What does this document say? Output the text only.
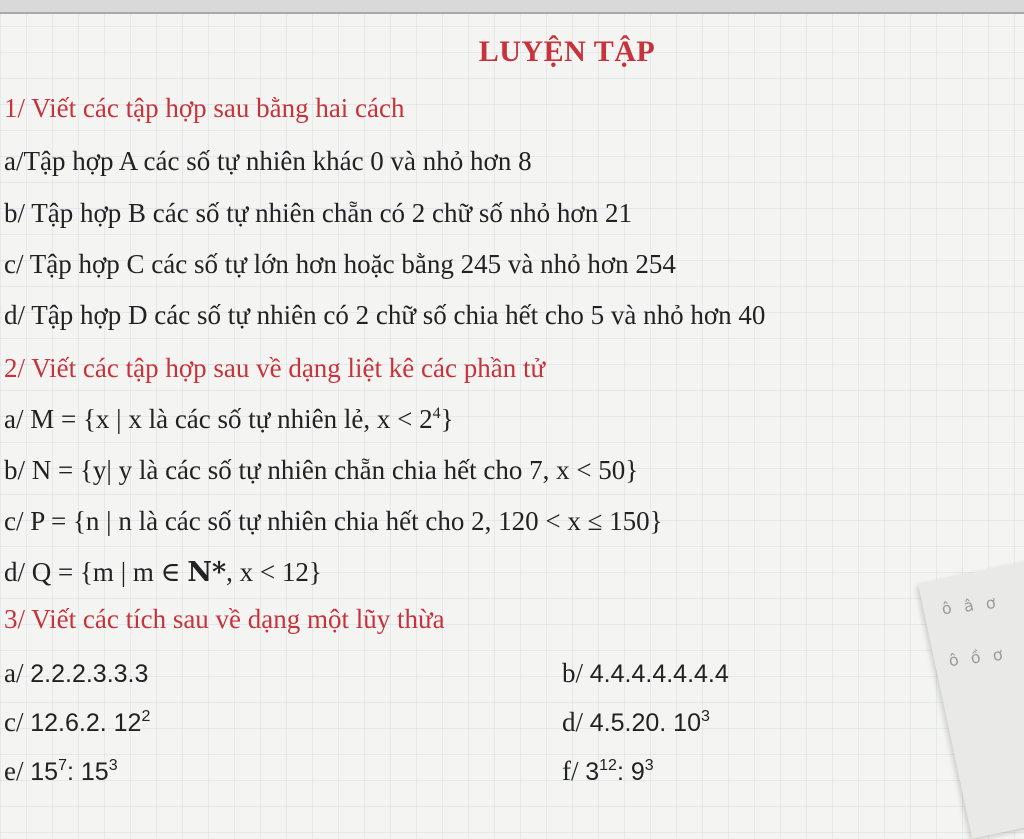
LUYỆN TẬP
1/ Viết các tập hợp sau bằng hai cách
a/Tập hợp A các số tự nhiên khác 0 và nhỏ hơn 8
b/ Tập hợp B các số tự nhiên chẵn có 2 chữ số nhỏ hơn 21
c/ Tập hợp C các số tự lớn hơn hoặc bằng 245 và nhỏ hơn 254
d/ Tập hợp D các số tự nhiên có 2 chữ số chia hết cho 5 và nhỏ hơn 40
2/ Viết các tập hợp sau về dạng liệt kê các phần tử
a/ M = {x | x là các số tự nhiên lẻ, $x < 2^4$}
b/ N = {y| y là các số tự nhiên chẵn chia hết cho 7, x < 50}
c/ P = {n | n là các số tự nhiên chia hết cho 2, 120 < x ≤ 150}
d/ Q = {m | m ∈ N*, x < 12}
3/ Viết các tích sau về dạng một lũy thừa
a/ 2.2.2.3.3.3	b/ 4.4.4.4.4.4.4
c/ 12.6.2. $12^2$	d/ 4.5.20. $10^3$
e/ $15^7$: $15^3$	f/ $3^{12}$: $9^3$
ô â ơ
ô ồ ơ
